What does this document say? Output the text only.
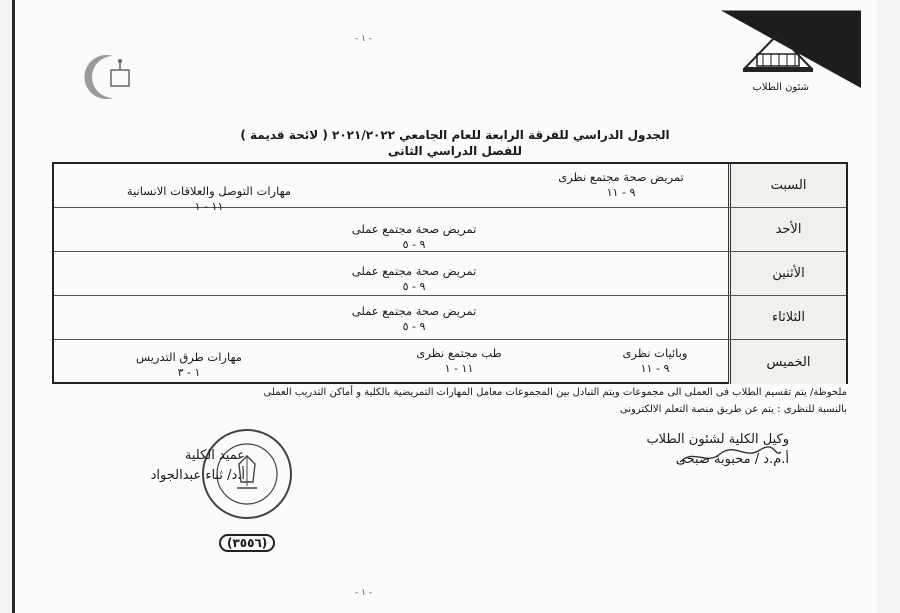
شئون الطلاب
- ١ -
الجدول الدراسي للفرقة الرابعة للعام الجامعي ٢٠٢١/٢٠٢٢ ( لائحة قديمة )
للفصل الدراسي الثانى
السبت
تمريض صحة مجتمع نظرى
٩ - ١١
مهارات التوصل والعلاقات الانسانية
١١ - ١
الأحد
تمريض صحة مجتمع عملى
٩ - ٥
الأثنين
تمريض صحة مجتمع عملى
٩ - ٥
الثلاثاء
تمريض صحة مجتمع عملى
٩ - ٥
الخميس
وبائيات نظرى
٩ - ١١
طب مجتمع نظرى
١١ - ١
مهارات طرق التدريس
١ - ٣
ملحوظة/ يتم تقسيم الطلاب فى العملى الى مجموعات ويتم التبادل بين المجموعات معامل المهارات التمريضية بالكلية و أماكن التدريب العملى
بالنسبة للنظرى : يتم عن طريق منصة التعلم الالكترونى
وكيل الكلية لشئون الطلاب
أ.م.د / محبوبة صبحى
عميد الكلية
أ.د/ ثناء عبدالجواد
(٣٥٥٦)
- ١ -
